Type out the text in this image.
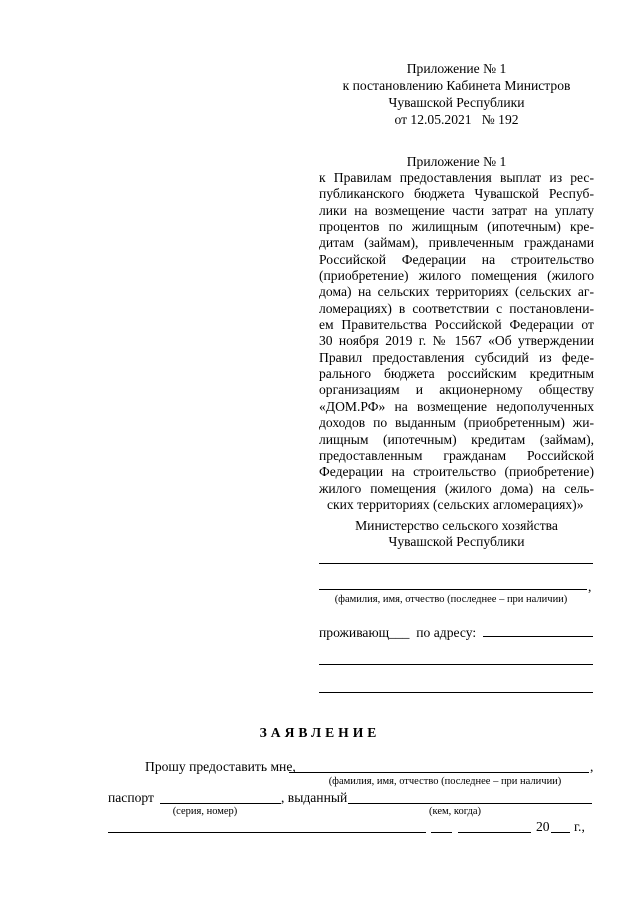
Приложение № 1
к постановлению Кабинета Министров
Чувашской Республики
от 12.05.2021   № 192
Приложение № 1
к Правилам предоставления выплат из рес-
публиканского бюджета Чувашской Респуб-
лики на возмещение части затрат на уплату
процентов по жилищным (ипотечным) кре-
дитам (займам), привлеченным гражданами
Российской Федерации на строительство
(приобретение) жилого помещения (жилого
дома) на сельских территориях (сельских аг-
ломерациях) в соответствии с постановлени-
ем Правительства Российской Федерации от
30 ноября 2019 г. № 1567 «Об утверждении
Правил предоставления субсидий из феде-
рального бюджета российским кредитным
организациям и акционерному обществу
«ДОМ.РФ» на возмещение недополученных
доходов по выданным (приобретенным) жи-
лищным (ипотечным) кредитам (займам),
предоставленным гражданам Российской
Федерации на строительство (приобретение)
жилого помещения (жилого дома) на сель-
ских территориях (сельских агломерациях)»
Министерство сельского хозяйства
Чувашской Республики
,
(фамилия, имя, отчество (последнее – при наличии)
проживающ___  по адресу:
ЗАЯВЛЕНИЕ
Прошу предоставить мне,	,
(фамилия, имя, отчество (последнее – при наличии)
паспорт	, выданный
(серия, номер)	(кем, когда)
20 г.,
